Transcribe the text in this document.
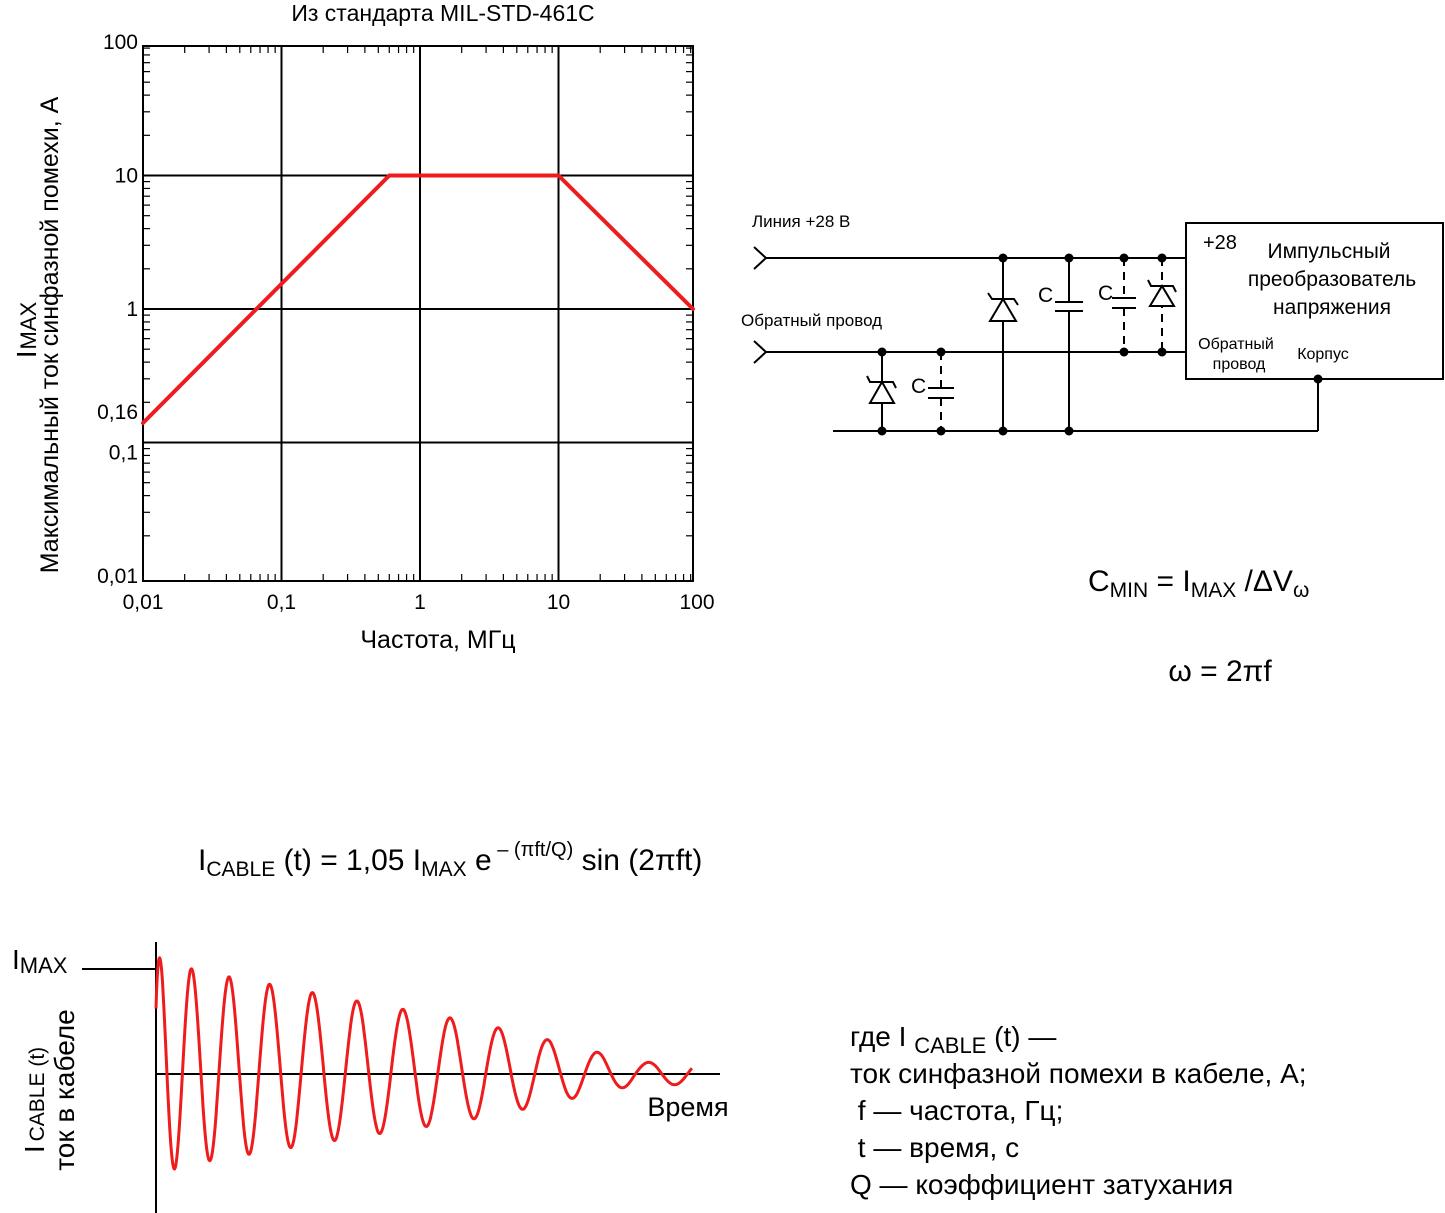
Из стандарта MIL-STD-461C
0,01	0,1	1	10	100
100
10
1
0,16
0,1
0,01
Частота, МГц
IMAX
Максимальный ток синфазной помехи, А	Линия +28 В
Обратный провод
+28 Импульсный
преобразователь
напряжения
Обратный
провод
Корпус
C C
C
$C_{MIN} = I_{MAX}$ $/\Delta V_\omega$
ω = 2πf
$I_{CABLE}$ (t) = 1,05 $I_{MAX}$ e $^{- (\pi ft/Q)}$ sin (2πft)
IMAX
Время
ICABLE (t) ток в кабеле	где I $_{CABLE}$ (t) —
ток синфазной помехи в кабеле, А;
f — частота, Гц;
t — время, с
Q — коэффициент затухания
